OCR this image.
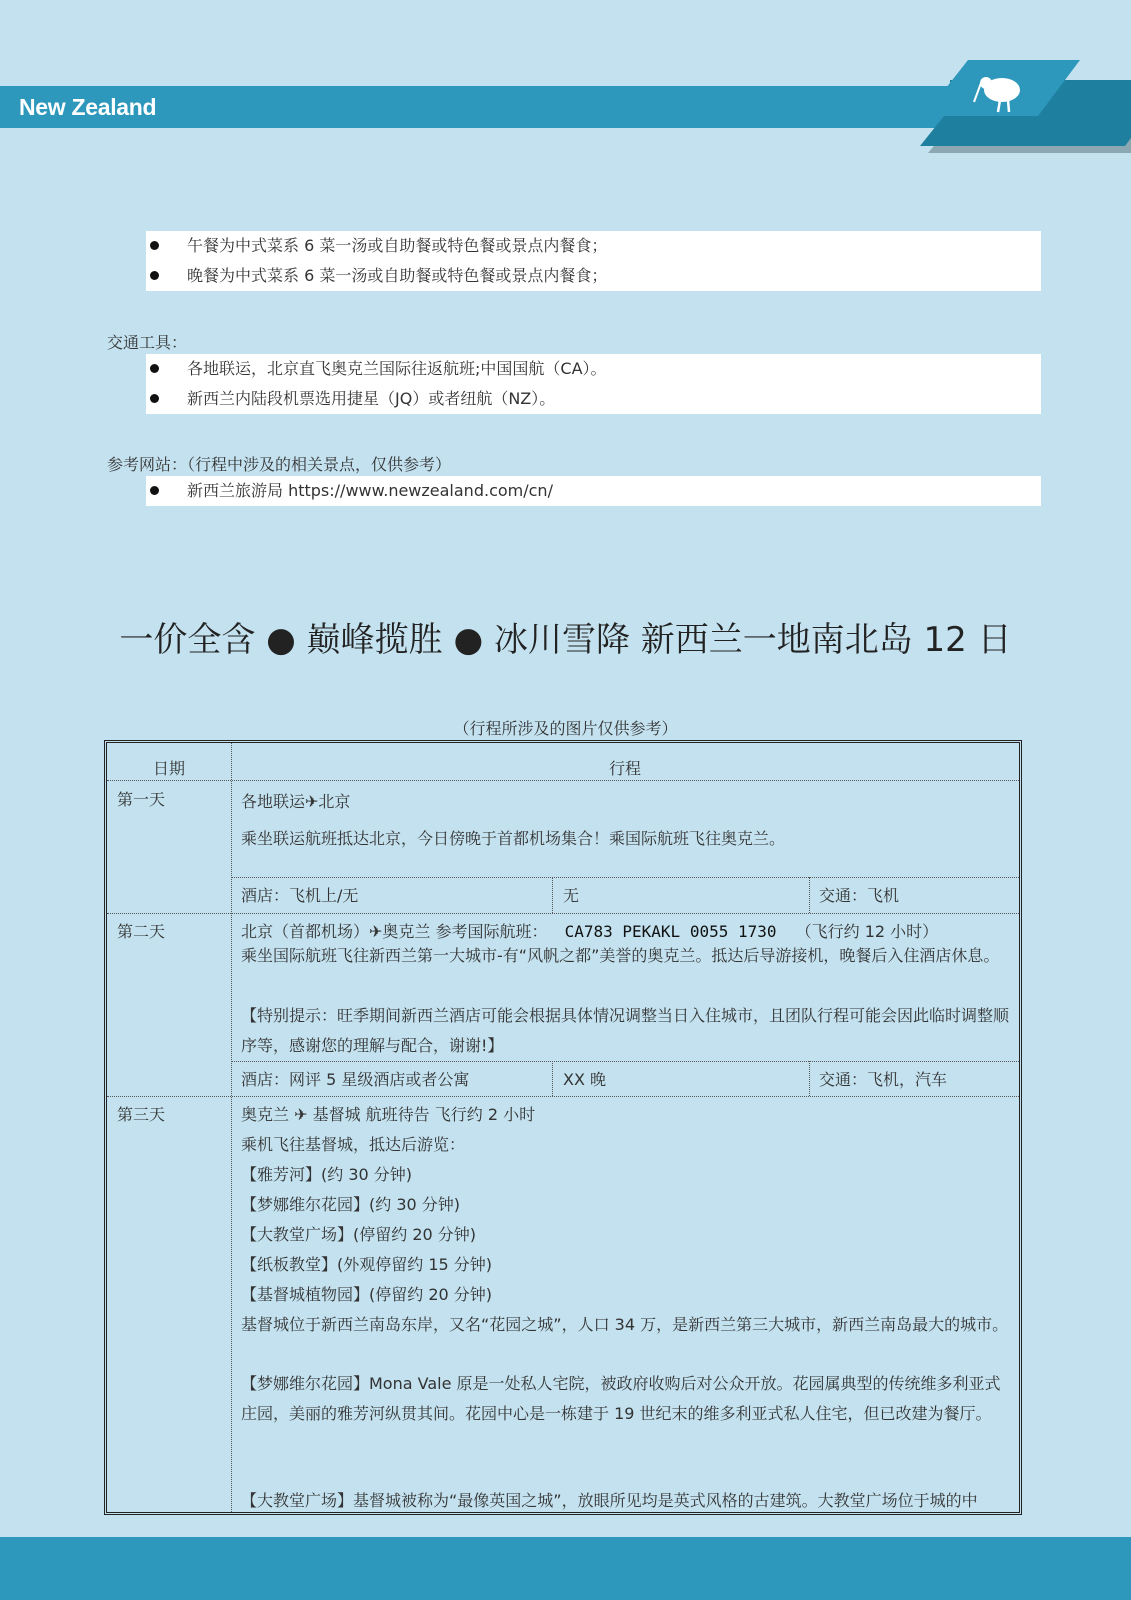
New Zealand
午餐为中式菜系 6 菜一汤或自助餐或特色餐或景点内餐食；
晚餐为中式菜系 6 菜一汤或自助餐或特色餐或景点内餐食；
交通工具：
各地联运，北京直飞奥克兰国际往返航班;中国国航（CA）。
新西兰内陆段机票选用捷星（JQ）或者纽航（NZ）。
参考网站：（行程中涉及的相关景点，仅供参考）
新西兰旅游局 https://www.newzealand.com/cn/
一价全含 ● 巅峰揽胜 ● 冰川雪降 新西兰一地南北岛 12 日
（行程所涉及的图片仅供参考）
日期	行程
第一天	各地联运✈北京
乘坐联运航班抵达北京，今日傍晚于首都机场集合！乘国际航班飞往奥克兰。
酒店：飞机上/无	无	交通：飞机
第二天	北京（首都机场）✈奥克兰 参考国际航班： CA783 PEKAKL 0055 1730 （飞行约 12 小时）
乘坐国际航班飞往新西兰第一大城市-有“风帆之都”美誉的奥克兰。抵达后导游接机，晚餐后入住酒店休息。
【特别提示：旺季期间新西兰酒店可能会根据具体情况调整当日入住城市，且团队行程可能会因此临时调整顺序等，感谢您的理解与配合，谢谢!】
酒店：网评 5 星级酒店或者公寓	XX 晚	交通：飞机，汽车
第三天	奥克兰 ✈ 基督城 航班待告 飞行约 2 小时
乘机飞往基督城，抵达后游览：
【雅芳河】(约 30 分钟)
【梦娜维尔花园】(约 30 分钟)
【大教堂广场】(停留约 20 分钟)
【纸板教堂】(外观停留约 15 分钟)
【基督城植物园】(停留约 20 分钟)
基督城位于新西兰南岛东岸，又名“花园之城”，人口 34 万，是新西兰第三大城市，新西兰南岛最大的城市。
【梦娜维尔花园】Mona Vale 原是一处私人宅院，被政府收购后对公众开放。花园属典型的传统维多利亚式庄园，美丽的雅芳河纵贯其间。花园中心是一栋建于 19 世纪末的维多利亚式私人住宅，但已改建为餐厅。
【大教堂广场】基督城被称为“最像英国之城”，放眼所见均是英式风格的古建筑。大教堂广场位于城的中
